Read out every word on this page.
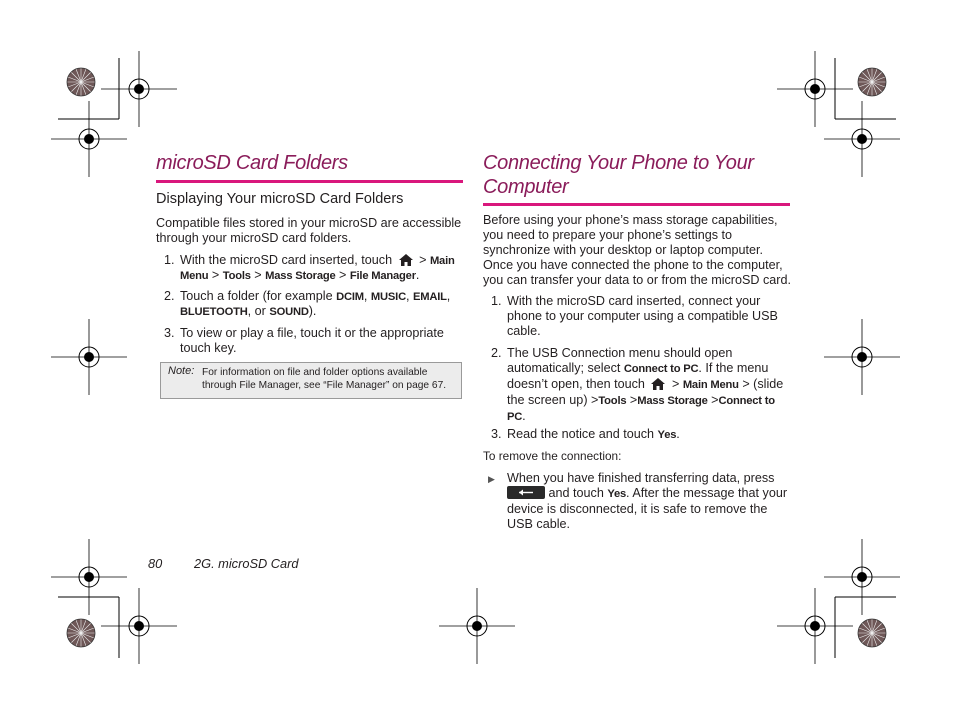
microSD Card Folders
Displaying Your microSD Card Folders
Compatible files stored in your microSD are accessible
through your microSD card folders.
1. With the microSD card inserted, touch > Main
Menu > Tools > Mass Storage > File Manager.
2. Touch a folder (for example DCIM, MUSIC, EMAIL,
BLUETOOTH, or SOUND).
3. To view or play a file, touch it or the appropriate
touch key.
Note: For information on file and folder options available
through File Manager, see “File Manager” on page 67.
Connecting Your Phone to Your
Computer
Before using your phone’s mass storage capabilities,
you need to prepare your phone’s settings to
synchronize with your desktop or laptop computer.
Once you have connected the phone to the computer,
you can transfer your data to or from the microSD card.
1. With the microSD card inserted, connect your
phone to your computer using a compatible USB
cable.
2. The USB Connection menu should open
automatically; select Connect to PC. If the menu
doesn’t open, then touch > Main Menu > (slide
the screen up) >Tools >Mass Storage >Connect to
PC.
3. Read the notice and touch Yes.
To remove the connection:
▶ When you have finished transferring data, press
and touch Yes. After the message that your
device is disconnected, it is safe to remove the
USB cable.
80 2G. microSD Card
